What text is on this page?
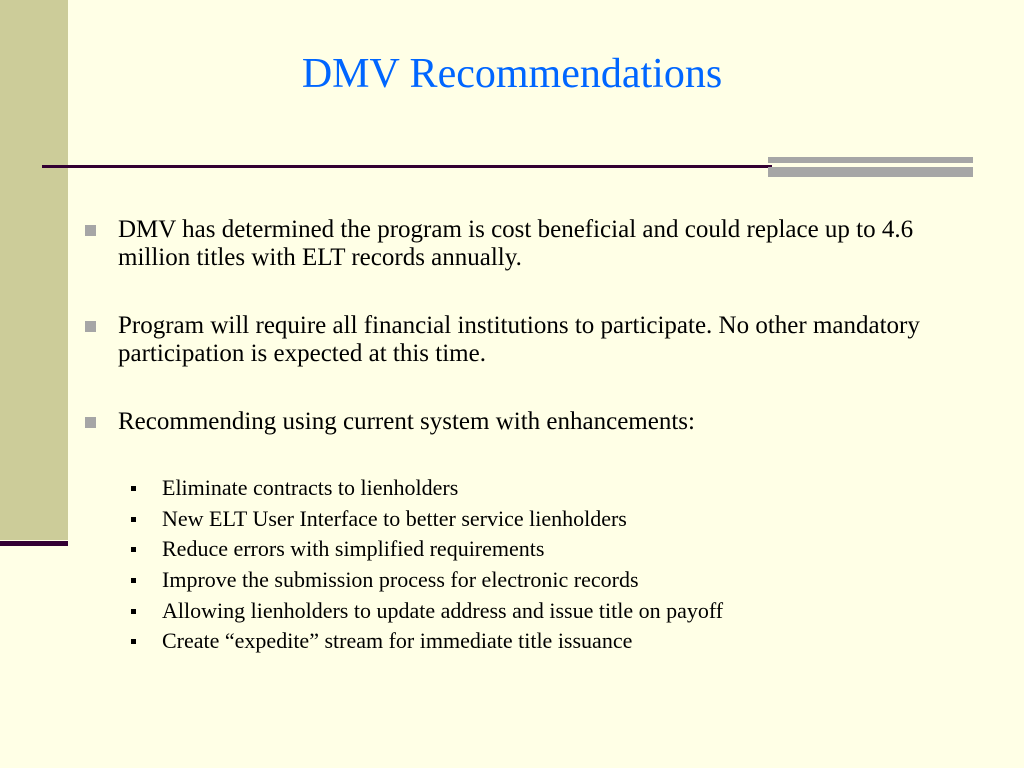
DMV Recommendations
DMV has determined the program is cost beneficial and could replace up to 4.6 million titles with ELT records annually.
Program will require all financial institutions to participate. No other mandatory participation is expected at this time.
Recommending using current system with enhancements:
Eliminate contracts to lienholders
New ELT User Interface to better service lienholders
Reduce errors with simplified requirements
Improve the submission process for electronic records
Allowing lienholders to update address and issue title on payoff
Create “expedite” stream for immediate title issuance
